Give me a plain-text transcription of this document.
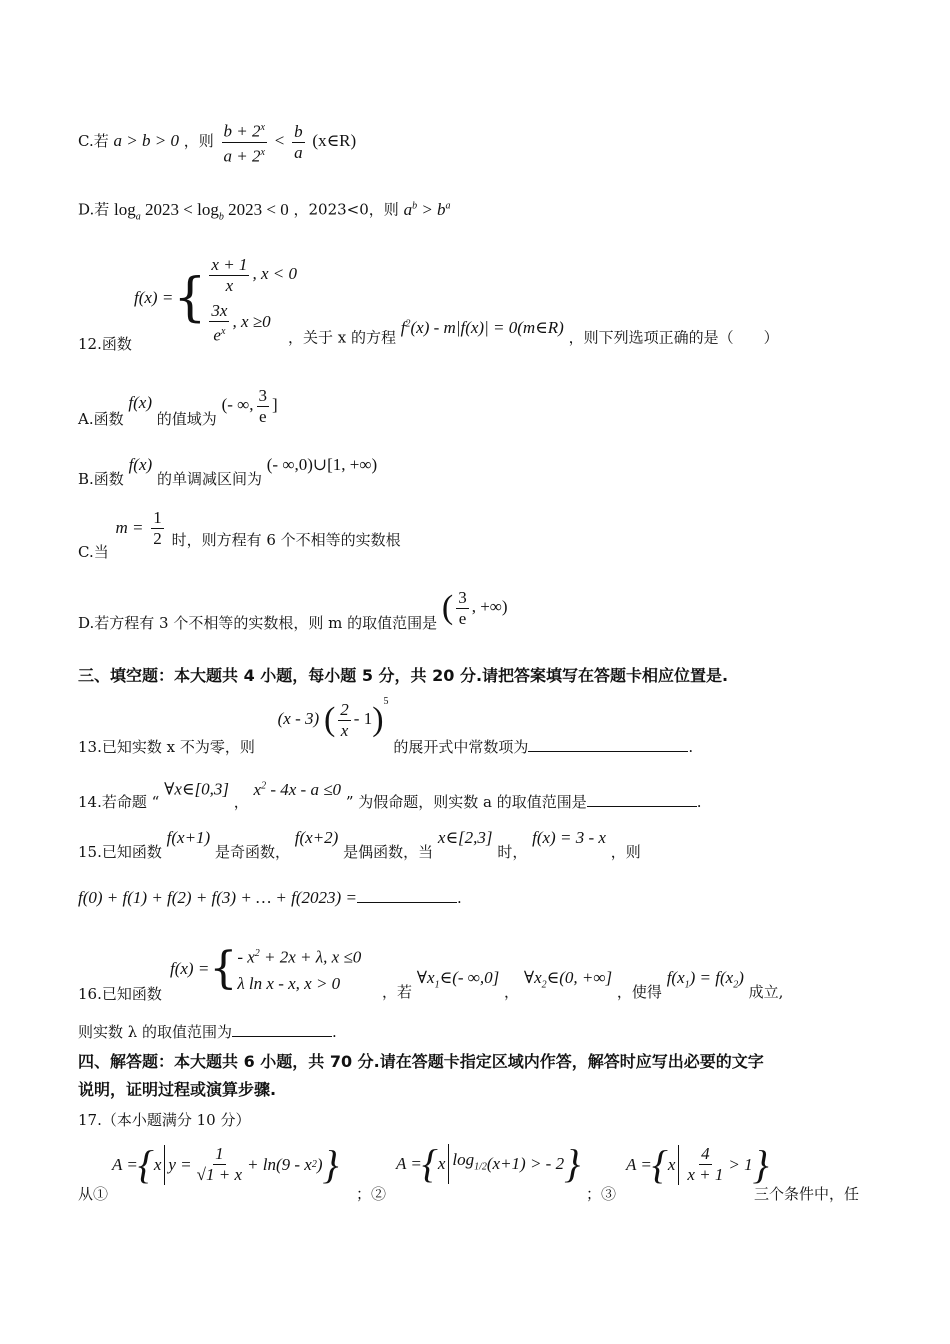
C.若 a > b > 0 ，则 $\frac{b + 2^x}{a + 2^x} < \frac{b}{a}$ (x∈R)
D.若 $\log_a 2023 < \log_b 2023 < 0$ ，2023<0，则 $a^b > b^a$
12.函数
f(x) = { $\frac{x + 1}{x}$ , x < 0
$\frac{3x}{e^x}$ , x ≥0
，关于 x 的方程 $f^2(x) - m|f(x)|$ = 0(m∈R) ，则下列选项正确的是（　　）
A.函数 f(x) 的值域为 (- ∞, $\frac{3}{e}$ ]
B.函数 f(x) 的单调减区间为 (- ∞,0)∪[1, +∞)
C.当 $m = \frac{1}{2}$ 时，则方程有 6 个不相等的实数根
D.若方程有 3 个不相等的实数根，则 m 的取值范围是 ( $\frac{3}{e}$ , +∞)
三、填空题：本大题共 4 小题，每小题 5 分，共 20 分.请把答案填写在答题卡相应位置是.
13.已知实数 x 不为零，则 (x - 3) ( $\frac{2}{x} - 1)^5$ 的展开式中常数项为	.
14.若命题 “ ∀x∈[0,3] ， $x^2 - 4x - a \le 0$ ” 为假命题，则实数 a 的取值范围是	.
15.已知函数 f(x+1) 是奇函数， f(x+2) 是偶函数，当 x∈[2,3] 时， f(x) = 3 - x ，则
f(0) + f(1) + f(2) + f(3) + … + f(2023) =	.
16.已知函数
f(x) = { - $x^2 + 2x + \lambda$, x ≤0
λ ln x - x, x > 0	，若 $\forall x_1\in(-$ ∞,0] ， $\forall x_2\in(0$, +∞] ，使得 $f(x_1) = f(x_2)$ 成立,
则实数 λ 的取值范围为	.
四、解答题：本大题共 6 小题，共 70 分.请在答题卡指定区域内作答，解答时应写出必要的文字
说明，证明过程或演算步骤.
17.（本小题满分 10 分）
从①
A = { x $y = \frac{1}{√1 + x} + \ln(9 - x$ 2 ) }
；②
A = { x $\log_{1/2} (x+1)$ > - 2 }
；③
A = { x $\frac{4}{x + 1} > 1$ }
三个条件中，任
